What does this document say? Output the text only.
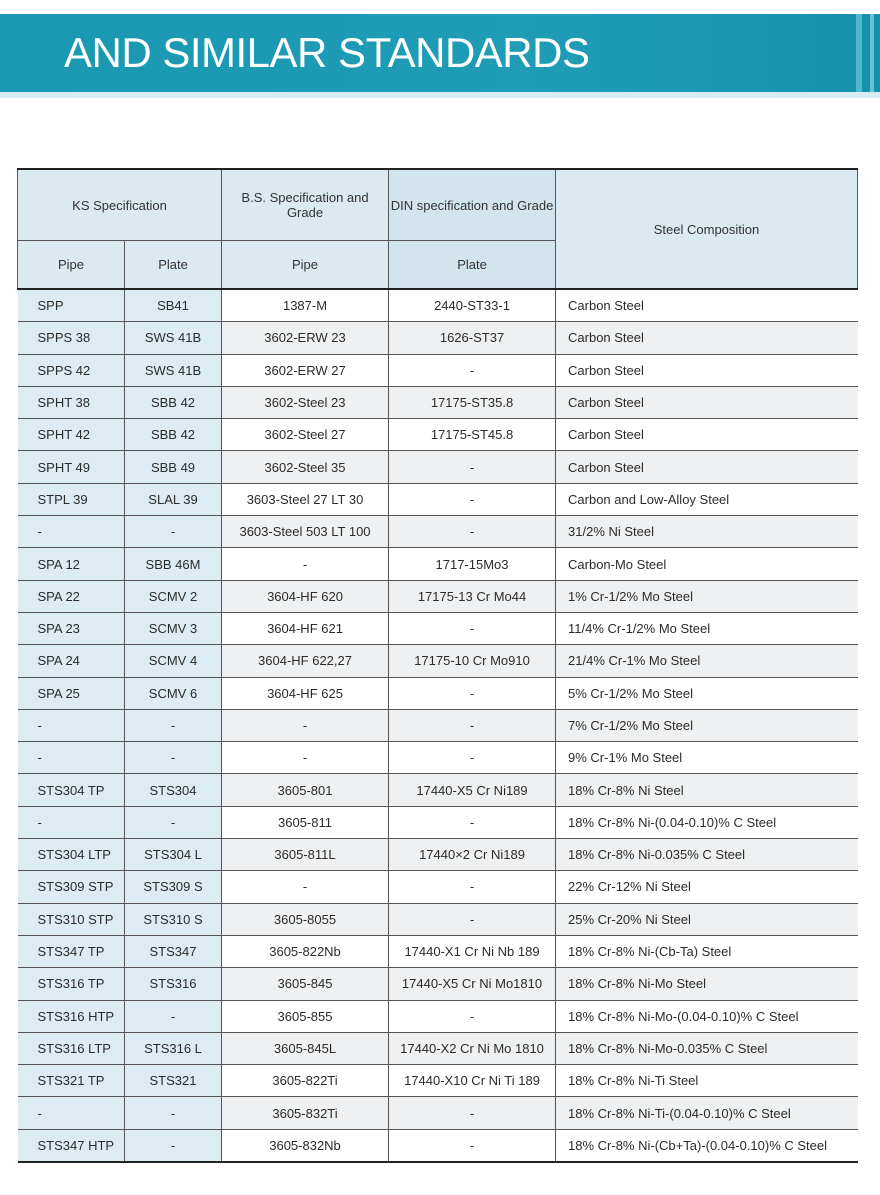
AND SIMILAR STANDARDS
KS Specification		B.S. Specification and Grade	DIN specification and Grade	Steel Composition
Pipe	Plate	Pipe	Plate	
SPP	SB41	1387-M	2440-ST33-1	Carbon Steel
SPPS 38	SWS 41B	3602-ERW 23	1626-ST37	Carbon Steel
SPPS 42	SWS 41B	3602-ERW 27	-	Carbon Steel
SPHT 38	SBB 42	3602-Steel 23	17175-ST35.8	Carbon Steel
SPHT 42	SBB 42	3602-Steel 27	17175-ST45.8	Carbon Steel
SPHT 49	SBB 49	3602-Steel 35	-	Carbon Steel
STPL 39	SLAL 39	3603-Steel 27 LT 30	-	Carbon and Low-Alloy Steel
-	-	3603-Steel 503 LT 100	-	31/2% Ni Steel
SPA 12	SBB 46M	-	1717-15Mo3	Carbon-Mo Steel
SPA 22	SCMV 2	3604-HF 620	17175-13 Cr Mo44	1% Cr-1/2% Mo Steel
SPA 23	SCMV 3	3604-HF 621	-	11/4% Cr-1/2% Mo Steel
SPA 24	SCMV 4	3604-HF 622,27	17175-10 Cr Mo910	21/4% Cr-1% Mo Steel
SPA 25	SCMV 6	3604-HF 625	-	5% Cr-1/2% Mo Steel
-	-	-	-	7% Cr-1/2% Mo Steel
-	-	-	-	9% Cr-1% Mo Steel
STS304 TP	STS304	3605-801	17440-X5 Cr Ni189	18% Cr-8% Ni Steel
-	-	3605-811	-	18% Cr-8% Ni-(0.04-0.10)% C Steel
STS304 LTP	STS304 L	3605-811L	17440×2 Cr Ni189	18% Cr-8% Ni-0.035% C Steel
STS309 STP	STS309 S	-	-	22% Cr-12% Ni Steel
STS310 STP	STS310 S	3605-8055	-	25% Cr-20% Ni Steel
STS347 TP	STS347	3605-822Nb	17440-X1 Cr Ni Nb 189	18% Cr-8% Ni-(Cb-Ta) Steel
STS316 TP	STS316	3605-845	17440-X5 Cr Ni Mo1810	18% Cr-8% Ni-Mo Steel
STS316 HTP	-	3605-855	-	18% Cr-8% Ni-Mo-(0.04-0.10)% C Steel
STS316 LTP	STS316 L	3605-845L	17440-X2 Cr Ni Mo 1810	18% Cr-8% Ni-Mo-0.035% C Steel
STS321 TP	STS321	3605-822Ti	17440-X10 Cr Ni Ti 189	18% Cr-8% Ni-Ti Steel
-	-	3605-832Ti	-	18% Cr-8% Ni-Ti-(0.04-0.10)% C Steel
STS347 HTP	-	3605-832Nb	-	18% Cr-8% Ni-(Cb+Ta)-(0.04-0.10)% C Steel
